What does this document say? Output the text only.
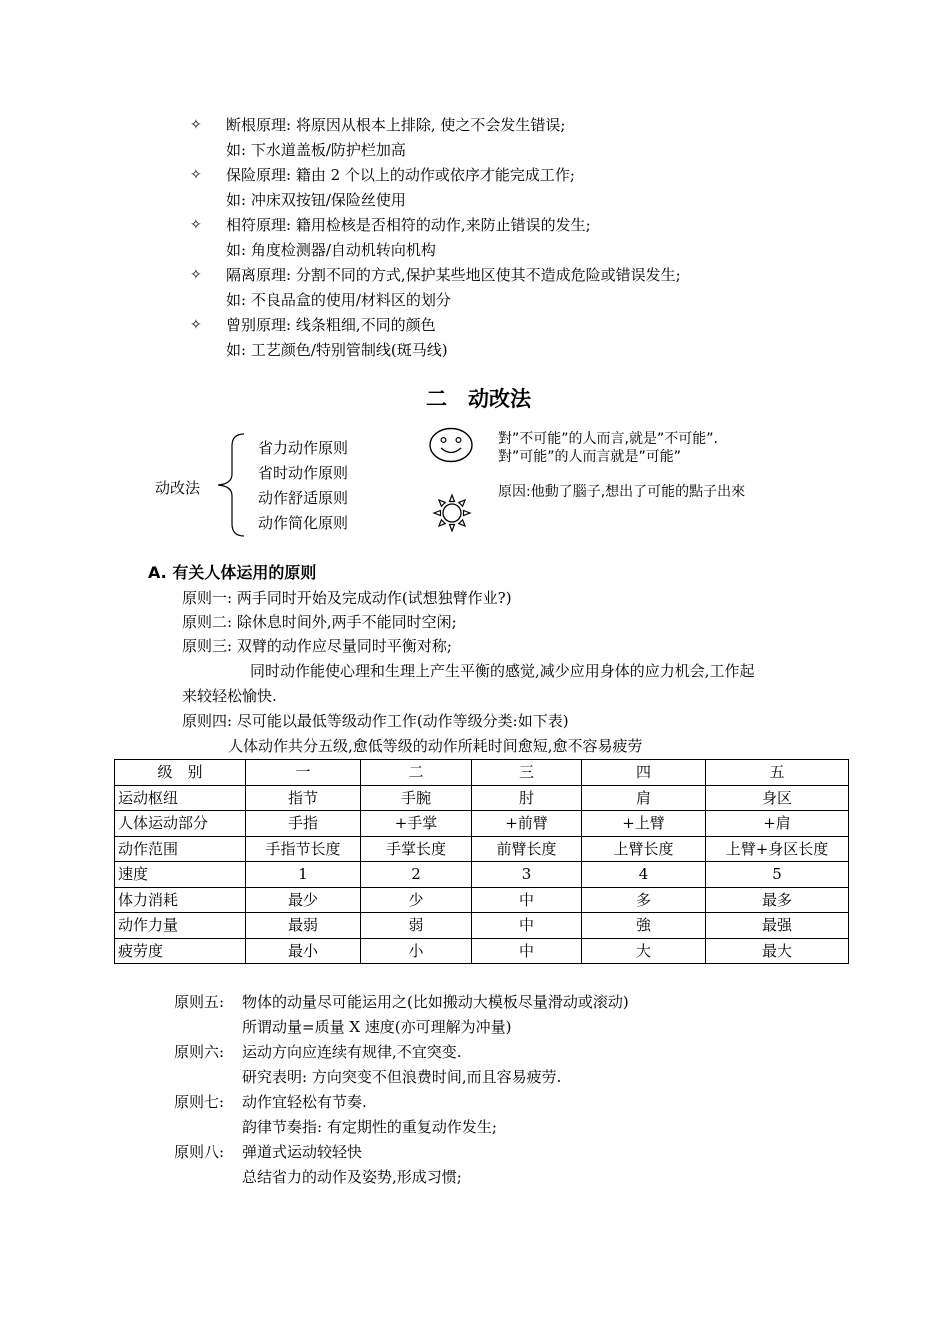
✧ 断根原理: 将原因从根本上排除, 使之不会发生错误;
如: 下水道盖板/防护栏加高
✧ 保险原理: 籍由 2 个以上的动作或依序才能完成工作;
如: 冲床双按钮/保险丝使用
✧ 相符原理: 籍用检核是否相符的动作,来防止错误的发生;
如: 角度检测器/自动机转向机构
✧ 隔离原理: 分割不同的方式,保护某些地区使其不造成危险或错误发生;
如: 不良品盒的使用/材料区的划分
✧ 曾别原理: 线条粗细,不同的颜色
如: 工艺颜色/特别管制线(斑马线)
二　动改法
动改法
省力动作原则
省时动作原则
动作舒适原则
动作简化原则
對”不可能”的人而言,就是”不可能”.
對”可能”的人而言就是”可能”
原因:他動了腦子,想出了可能的點子出來
A. 有关人体运用的原则
原则一: 两手同时开始及完成动作(试想独臂作业?)
原则二: 除休息时间外,两手不能同时空闲;
原则三: 双臂的动作应尽量同时平衡对称;
同时动作能使心理和生理上产生平衡的感觉,减少应用身体的应力机会,工作起
来较轻松愉快.
原则四: 尽可能以最低等级动作工作(动作等级分类:如下表)
人体动作共分五级,愈低等级的动作所耗时间愈短,愈不容易疲劳
级　别	一	二	三	四	五
运动枢纽	指节	手腕	肘	肩	身区
人体运动部分	手指	+手掌	+前臂	+上臂	+肩
动作范围	手指节长度	手掌长度	前臂长度	上臂长度	上臂+身区长度
速度	1	2	3	4	5
体力消耗	最少	少	中	多	最多
动作力量	最弱	弱	中	強	最强
疲劳度	最小	小	中	大	最大
原则五: 物体的动量尽可能运用之(比如搬动大模板尽量滑动或滚动)
所谓动量=质量 X 速度(亦可理解为冲量)
原则六: 运动方向应连续有规律,不宜突变.
研究表明: 方向突变不但浪费时间,而且容易疲劳.
原则七: 动作宜轻松有节奏.
韵律节奏指: 有定期性的重复动作发生;
原则八: 弹道式运动较轻快
总结省力的动作及姿势,形成习惯;
